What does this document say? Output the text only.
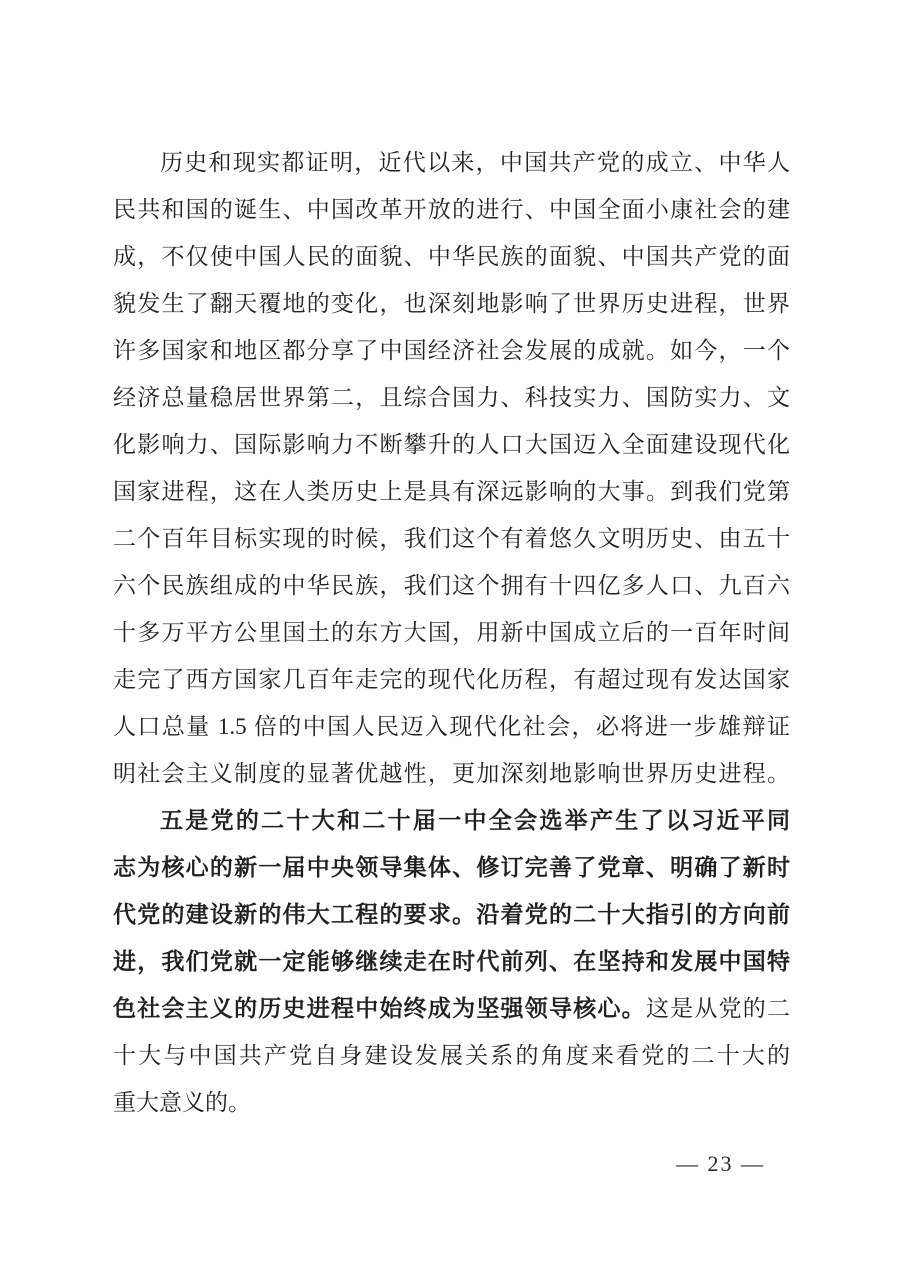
历史和现实都证明，近代以来，中国共产党的成立、中华人

民共和国的诞生、中国改革开放的进行、中国全面小康社会的建

成，不仅使中国人民的面貌、中华民族的面貌、中国共产党的面

貌发生了翻天覆地的变化，也深刻地影响了世界历史进程，世界

许多国家和地区都分享了中国经济社会发展的成就。如今，一个

经济总量稳居世界第二，且综合国力、科技实力、国防实力、文

化影响力、国际影响力不断攀升的人口大国迈入全面建设现代化

国家进程，这在人类历史上是具有深远影响的大事。到我们党第

二个百年目标实现的时候，我们这个有着悠久文明历史、由五十

六个民族组成的中华民族，我们这个拥有十四亿多人口、九百六

十多万平方公里国土的东方大国，用新中国成立后的一百年时间

走完了西方国家几百年走完的现代化历程，有超过现有发达国家

人口总量 1.5 倍的中国人民迈入现代化社会，必将进一步雄辩证

明社会主义制度的显著优越性，更加深刻地影响世界历史进程。

五是党的二十大和二十届一中全会选举产生了以习近平同

志为核心的新一届中央领导集体、修订完善了党章、明确了新时

代党的建设新的伟大工程的要求。沿着党的二十大指引的方向前

进，我们党就一定能够继续走在时代前列、在坚持和发展中国特

色社会主义的历史进程中始终成为坚强领导核心。这是从党的二

十大与中国共产党自身建设发展关系的角度来看党的二十大的

重大意义的。

— 23 —
